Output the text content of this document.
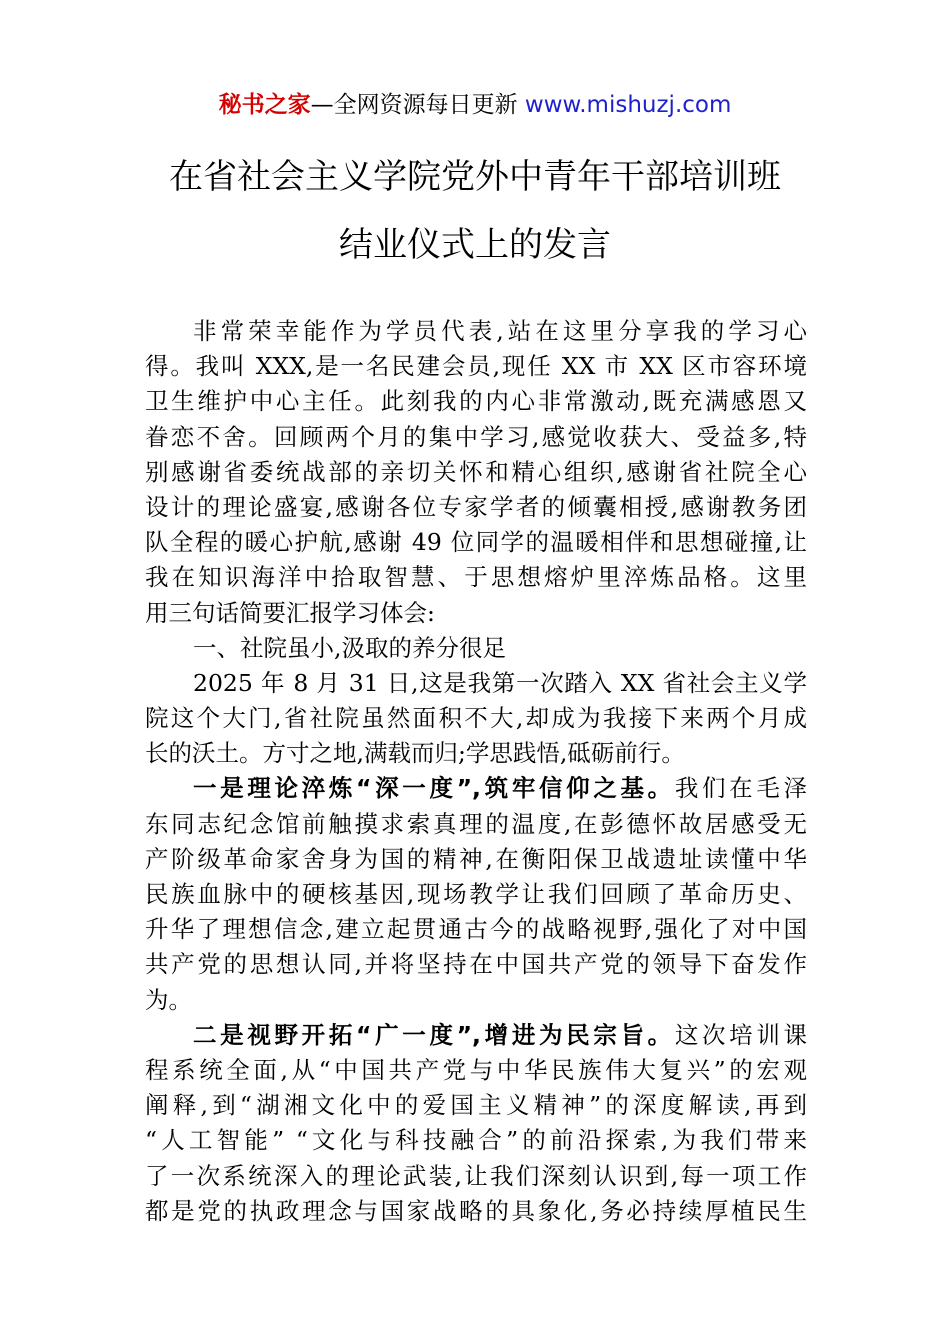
秘书之家—全网资源每日更新 www.mishuzj.com
在省社会主义学院党外中青年干部培训班
结业仪式上的发言
非常荣幸能作为学员代表,站在这里分享我的学习心
得。我叫 XXX,是一名民建会员,现任 XX 市 XX 区市容环境
卫生维护中心主任。此刻我的内心非常激动,既充满感恩又
眷恋不舍。回顾两个月的集中学习,感觉收获大、受益多,特
别感谢省委统战部的亲切关怀和精心组织,感谢省社院全心
设计的理论盛宴,感谢各位专家学者的倾囊相授,感谢教务团
队全程的暖心护航,感谢 49 位同学的温暖相伴和思想碰撞,让
我在知识海洋中拾取智慧、于思想熔炉里淬炼品格。这里
用三句话简要汇报学习体会:
一、社院虽小,汲取的养分很足
2025 年 8 月 31 日,这是我第一次踏入 XX 省社会主义学
院这个大门,省社院虽然面积不大,却成为我接下来两个月成
长的沃土。方寸之地,满载而归;学思践悟,砥砺前行。
一是理论淬炼“深一度”,筑牢信仰之基。我们在毛泽
东同志纪念馆前触摸求索真理的温度,在彭德怀故居感受无
产阶级革命家舍身为国的精神,在衡阳保卫战遗址读懂中华
民族血脉中的硬核基因,现场教学让我们回顾了革命历史、
升华了理想信念,建立起贯通古今的战略视野,强化了对中国
共产党的思想认同,并将坚持在中国共产党的领导下奋发作
为。
二是视野开拓“广一度”,增进为民宗旨。这次培训课
程系统全面,从“中国共产党与中华民族伟大复兴”的宏观
阐释,到“湖湘文化中的爱国主义精神”的深度解读,再到
“人工智能” “文化与科技融合”的前沿探索,为我们带来
了一次系统深入的理论武装,让我们深刻认识到,每一项工作
都是党的执政理念与国家战略的具象化,务必持续厚植民生
